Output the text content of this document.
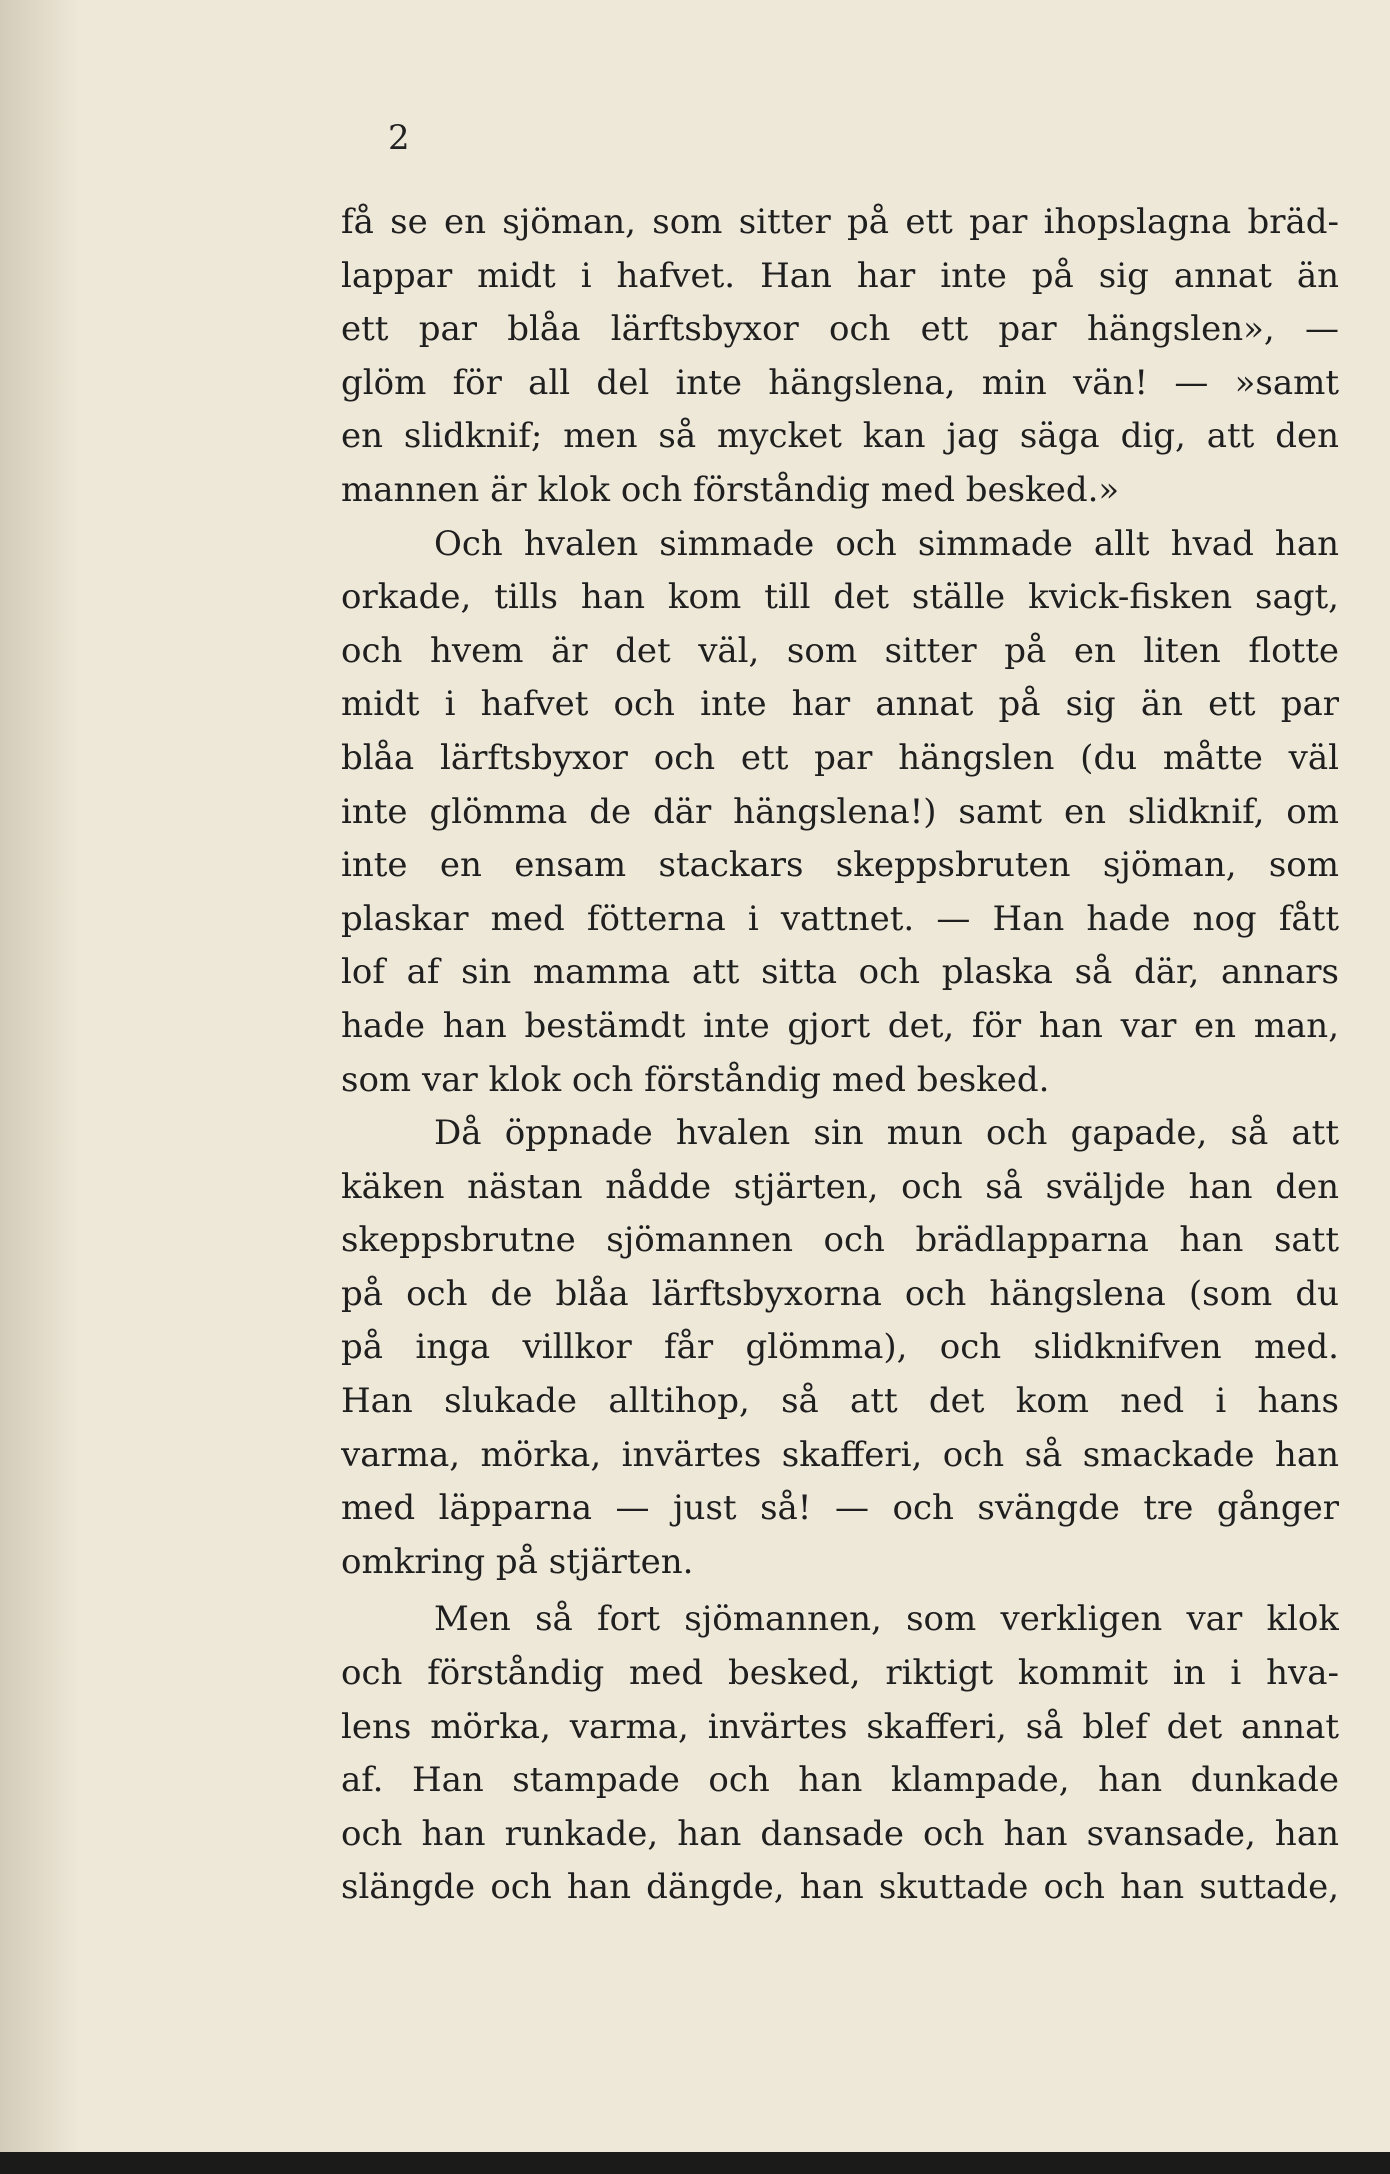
2
få se en sjöman, som sitter på ett par ihopslagna bräd-
lappar midt i hafvet. Han har inte på sig annat än
ett par blåa lärftsbyxor och ett par hängslen», —
glöm för all del inte hängslena, min vän! — »samt
en slidknif; men så mycket kan jag säga dig, att den
mannen är klok och förståndig med besked.»
Och hvalen simmade och simmade allt hvad han
orkade, tills han kom till det ställe kvick-fisken sagt,
och hvem är det väl, som sitter på en liten flotte
midt i hafvet och inte har annat på sig än ett par
blåa lärftsbyxor och ett par hängslen (du måtte väl
inte glömma de där hängslena!) samt en slidknif, om
inte en ensam stackars skeppsbruten sjöman, som
plaskar med fötterna i vattnet. — Han hade nog fått
lof af sin mamma att sitta och plaska så där, annars
hade han bestämdt inte gjort det, för han var en man,
som var klok och förståndig med besked.
Då öppnade hvalen sin mun och gapade, så att
käken nästan nådde stjärten, och så sväljde han den
skeppsbrutne sjömannen och brädlapparna han satt
på och de blåa lärftsbyxorna och hängslena (som du
på inga villkor får glömma), och slidknifven med.
Han slukade alltihop, så att det kom ned i hans
varma, mörka, invärtes skafferi, och så smackade han
med läpparna — just så! — och svängde tre gånger
omkring på stjärten.
Men så fort sjömannen, som verkligen var klok
och förståndig med besked, riktigt kommit in i hva-
lens mörka, varma, invärtes skafferi, så blef det annat
af. Han stampade och han klampade, han dunkade
och han runkade, han dansade och han svansade, han
slängde och han dängde, han skuttade och han suttade,
